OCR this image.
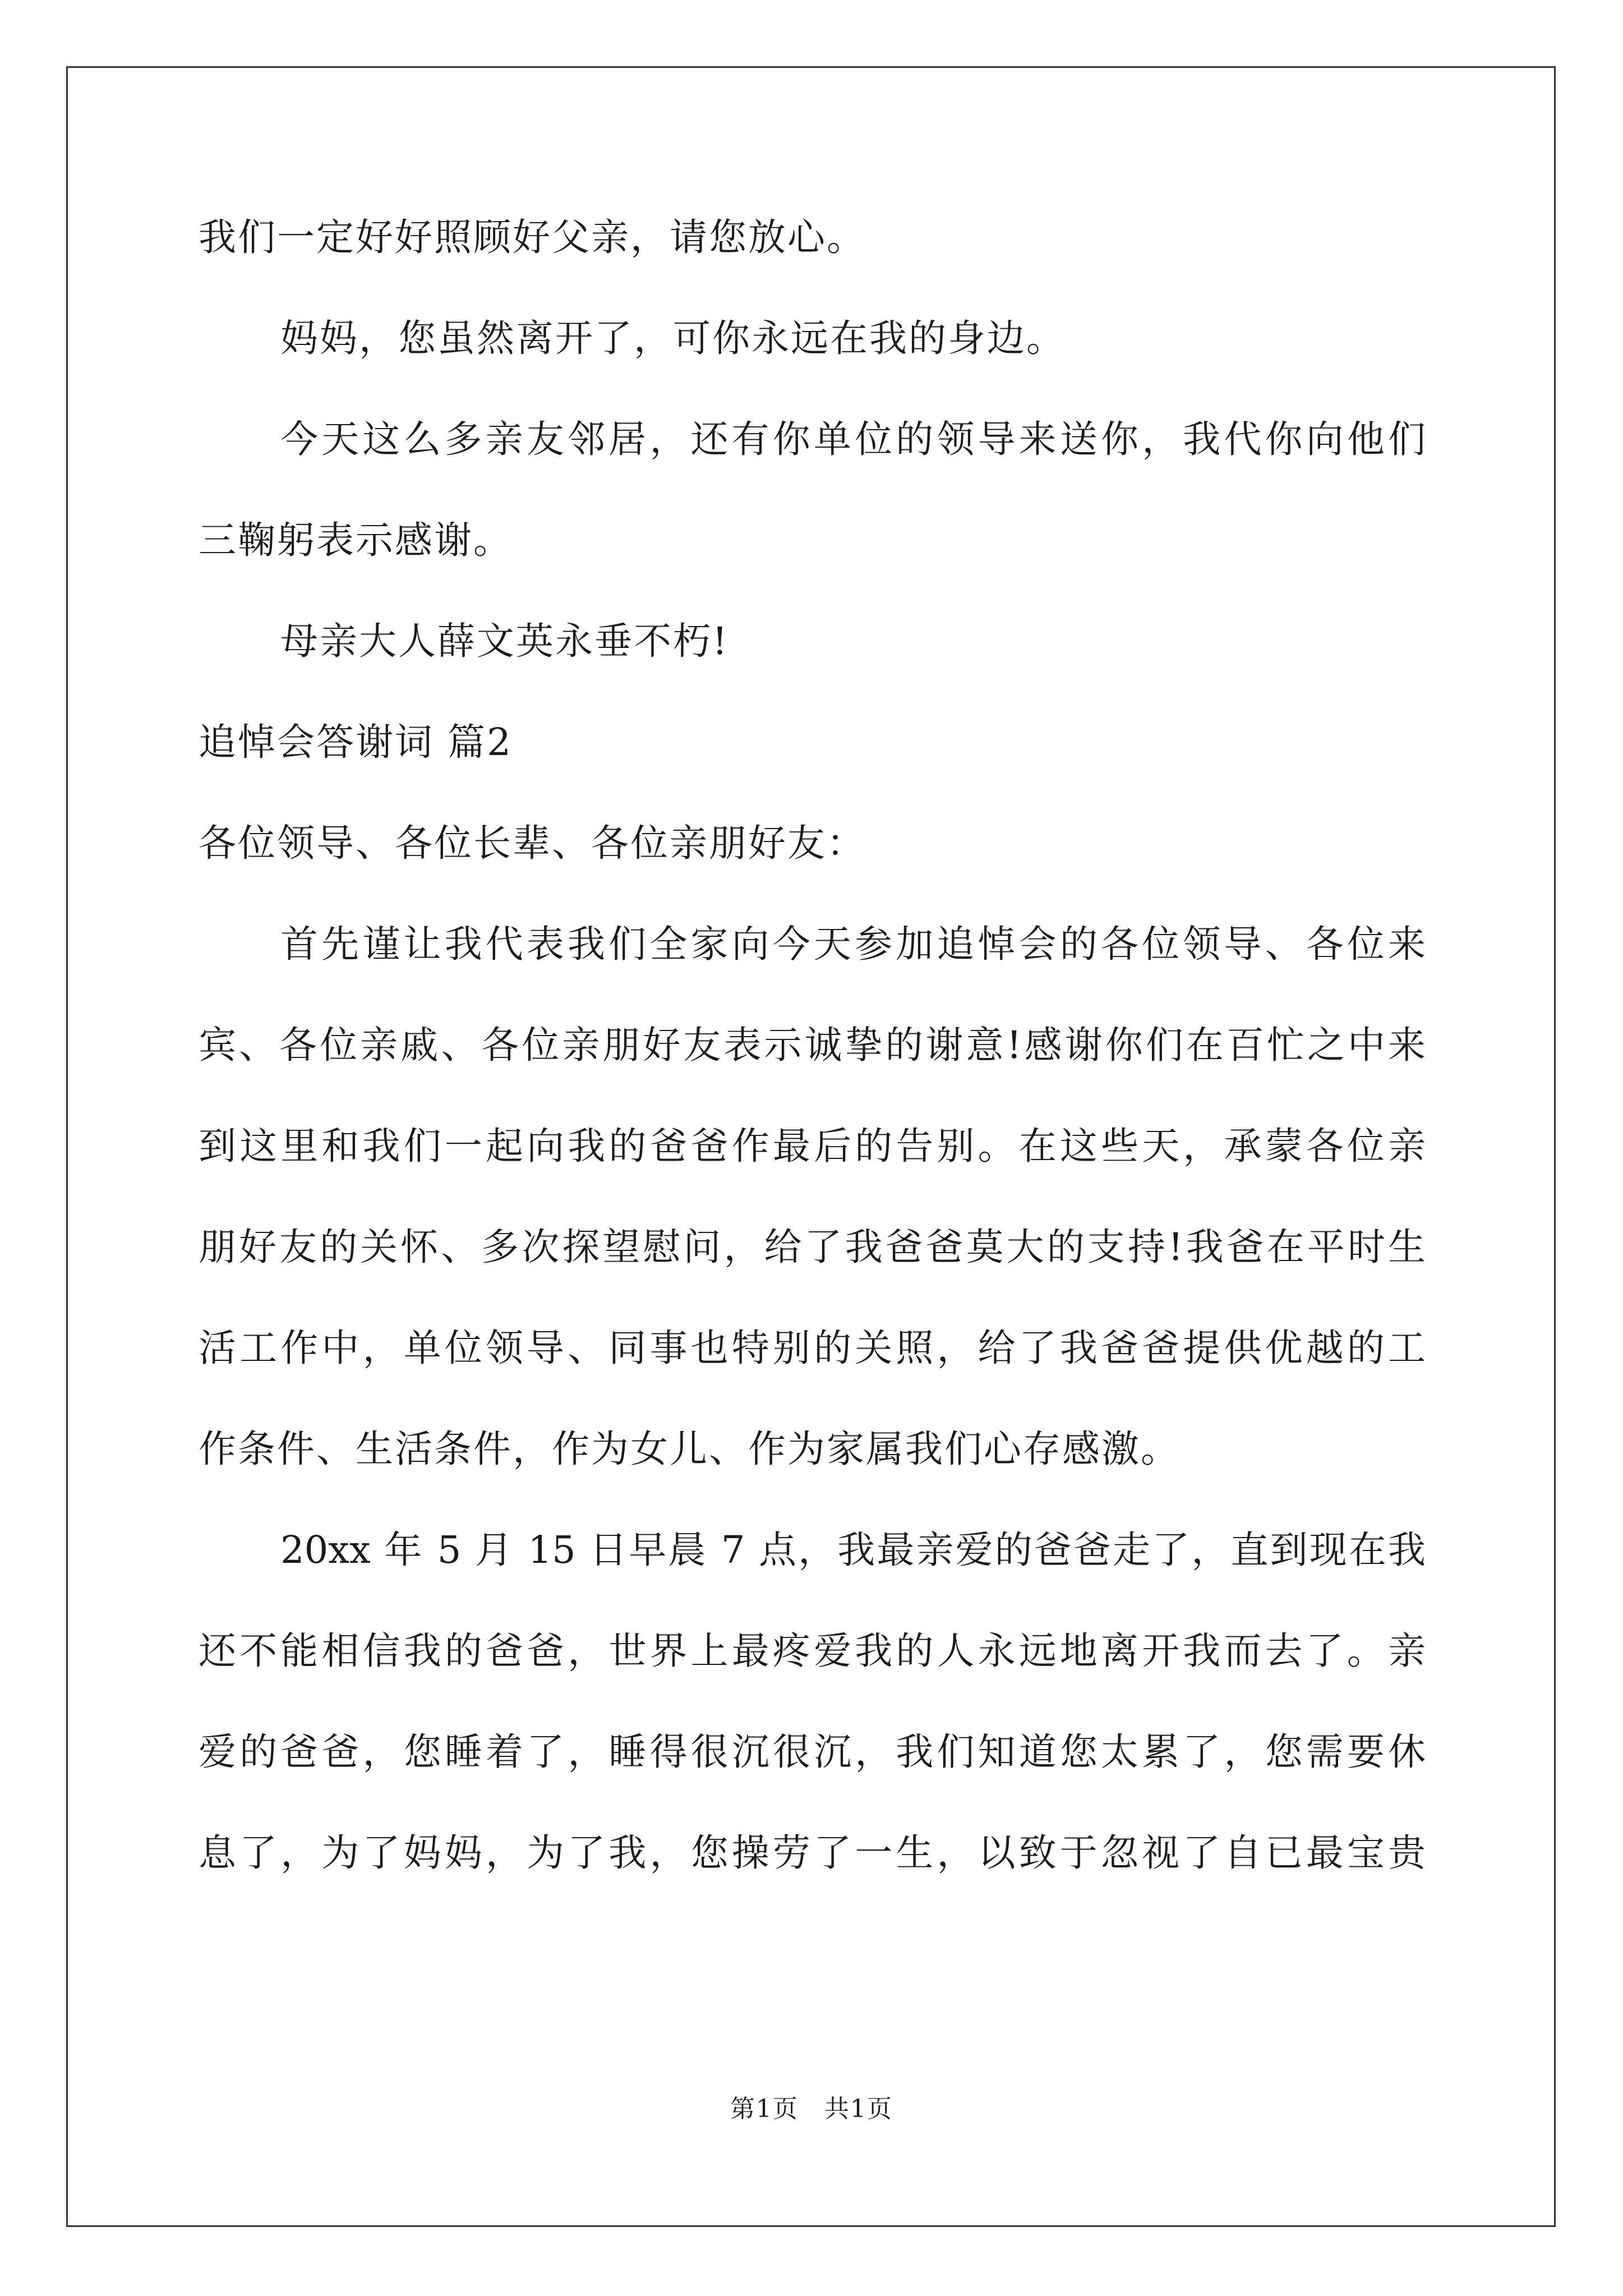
我们一定好好照顾好父亲，请您放心。

妈妈，您虽然离开了，可你永远在我的身边。

今天这么多亲友邻居，还有你单位的领导来送你，我代你向他们

三鞠躬表示感谢。

母亲大人薛文英永垂不朽!

追悼会答谢词 篇2

各位领导、各位长辈、各位亲朋好友：

首先谨让我代表我们全家向今天参加追悼会的各位领导、各位来

宾、各位亲戚、各位亲朋好友表示诚挚的谢意!感谢你们在百忙之中来

到这里和我们一起向我的爸爸作最后的告别。在这些天，承蒙各位亲

朋好友的关怀、多次探望慰问，给了我爸爸莫大的支持!我爸在平时生

活工作中，单位领导、同事也特别的关照，给了我爸爸提供优越的工

作条件、生活条件，作为女儿、作为家属我们心存感激。

20xx 年 5 月 15 日早晨 7 点，我最亲爱的爸爸走了，直到现在我

还不能相信我的爸爸，世界上最疼爱我的人永远地离开我而去了。亲

爱的爸爸，您睡着了，睡得很沉很沉，我们知道您太累了，您需要休

息了，为了妈妈，为了我，您操劳了一生，以致于忽视了自已最宝贵

第1页　共1页
